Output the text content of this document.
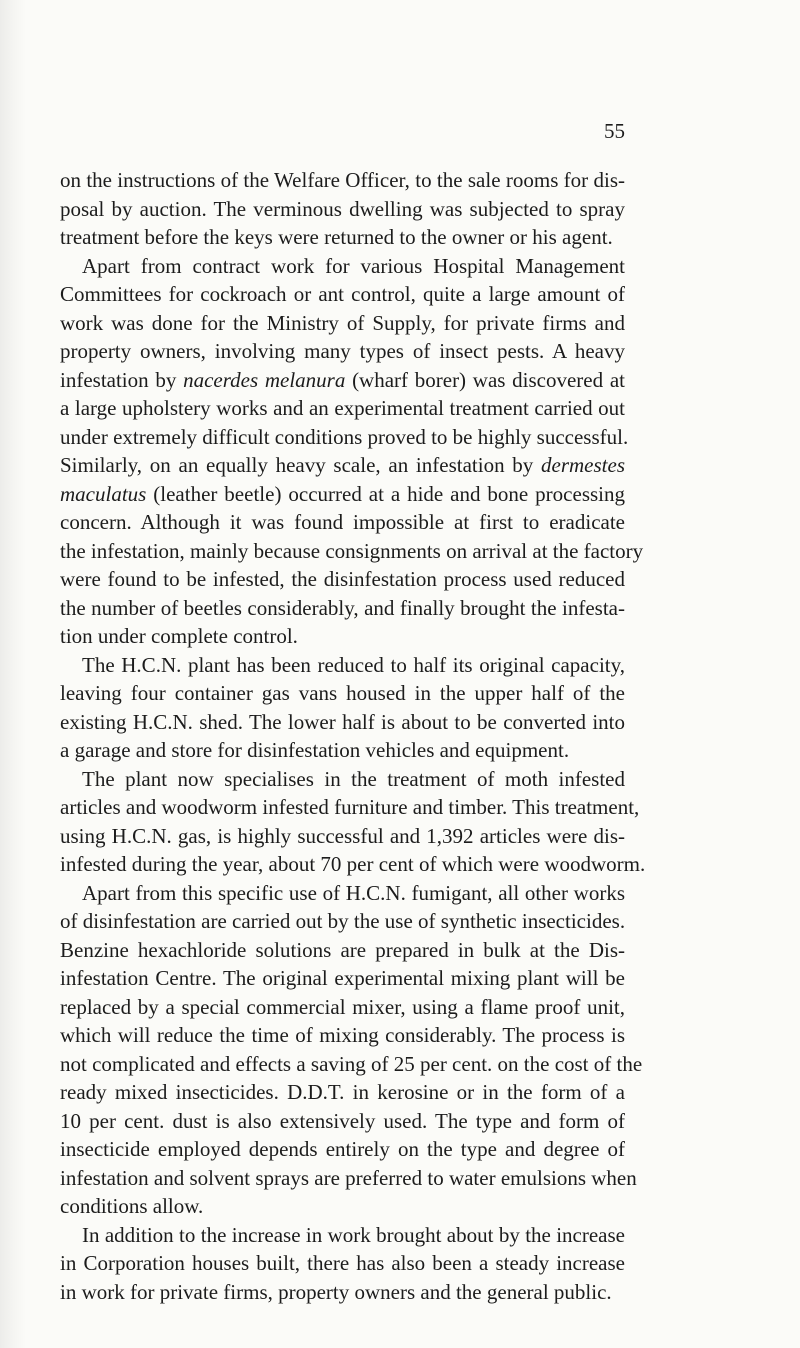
55
on the instructions of the Welfare Officer, to the sale rooms for dis-
posal by auction. The verminous dwelling was subjected to spray
treatment before the keys were returned to the owner or his agent.
Apart from contract work for various Hospital Management
Committees for cockroach or ant control, quite a large amount of
work was done for the Ministry of Supply, for private firms and
property owners, involving many types of insect pests. A heavy
infestation by nacerdes melanura (wharf borer) was discovered at
a large upholstery works and an experimental treatment carried out
under extremely difficult conditions proved to be highly successful.
Similarly, on an equally heavy scale, an infestation by dermestes
maculatus (leather beetle) occurred at a hide and bone processing
concern. Although it was found impossible at first to eradicate
the infestation, mainly because consignments on arrival at the factory
were found to be infested, the disinfestation process used reduced
the number of beetles considerably, and finally brought the infesta-
tion under complete control.
The H.C.N. plant has been reduced to half its original capacity,
leaving four container gas vans housed in the upper half of the
existing H.C.N. shed. The lower half is about to be converted into
a garage and store for disinfestation vehicles and equipment.
The plant now specialises in the treatment of moth infested
articles and woodworm infested furniture and timber. This treatment,
using H.C.N. gas, is highly successful and 1,392 articles were dis-
infested during the year, about 70 per cent of which were woodworm.
Apart from this specific use of H.C.N. fumigant, all other works
of disinfestation are carried out by the use of synthetic insecticides.
Benzine hexachloride solutions are prepared in bulk at the Dis-
infestation Centre. The original experimental mixing plant will be
replaced by a special commercial mixer, using a flame proof unit,
which will reduce the time of mixing considerably. The process is
not complicated and effects a saving of 25 per cent. on the cost of the
ready mixed insecticides. D.D.T. in kerosine or in the form of a
10 per cent. dust is also extensively used. The type and form of
insecticide employed depends entirely on the type and degree of
infestation and solvent sprays are preferred to water emulsions when
conditions allow.
In addition to the increase in work brought about by the increase
in Corporation houses built, there has also been a steady increase
in work for private firms, property owners and the general public.
